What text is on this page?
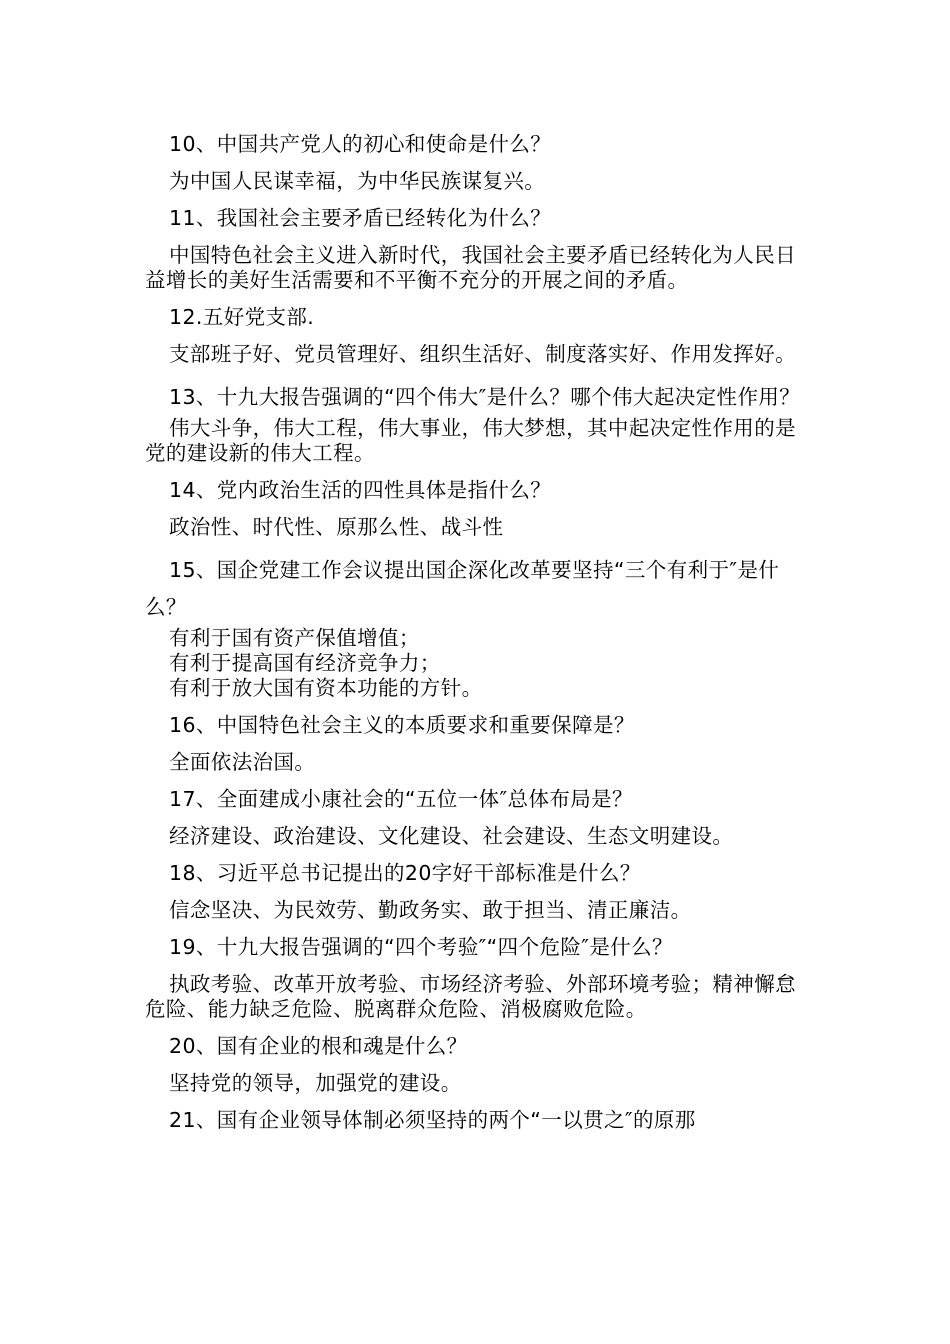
10、中国共产党人的初心和使命是什么？

为中国人民谋幸福，为中华民族谋复兴。

11、我国社会主要矛盾已经转化为什么？

中国特色社会主义进入新时代，我国社会主要矛盾已经转化为人民日益增长的美好生活需要和不平衡不充分的开展之间的矛盾。

12.五好党支部.

支部班子好、党员管理好、组织生活好、制度落实好、作用发挥好。

13、十九大报告强调的“四个伟大″是什么？哪个伟大起决定性作用？

伟大斗争，伟大工程，伟大事业，伟大梦想，其中起决定性作用的是党的建设新的伟大工程。

14、党内政治生活的四性具体是指什么？

政治性、时代性、原那么性、战斗性

15、国企党建工作会议提出国企深化改革要坚持“三个有利于″是什么？

有利于国有资产保值增值；

有利于提高国有经济竞争力；

有利于放大国有资本功能的方针。

16、中国特色社会主义的本质要求和重要保障是？

全面依法治国。

17、全面建成小康社会的“五位一体″总体布局是？

经济建设、政治建设、文化建设、社会建设、生态文明建设。

18、习近平总书记提出的20字好干部标准是什么？

信念坚决、为民效劳、勤政务实、敢于担当、清正廉洁。

19、十九大报告强调的“四个考验″“四个危险″是什么？

执政考验、改革开放考验、市场经济考验、外部环境考验；精神懈怠危险、能力缺乏危险、脱离群众危险、消极腐败危险。

20、国有企业的根和魂是什么？

坚持党的领导，加强党的建设。

21、国有企业领导体制必须坚持的两个“一以贯之″的原那
